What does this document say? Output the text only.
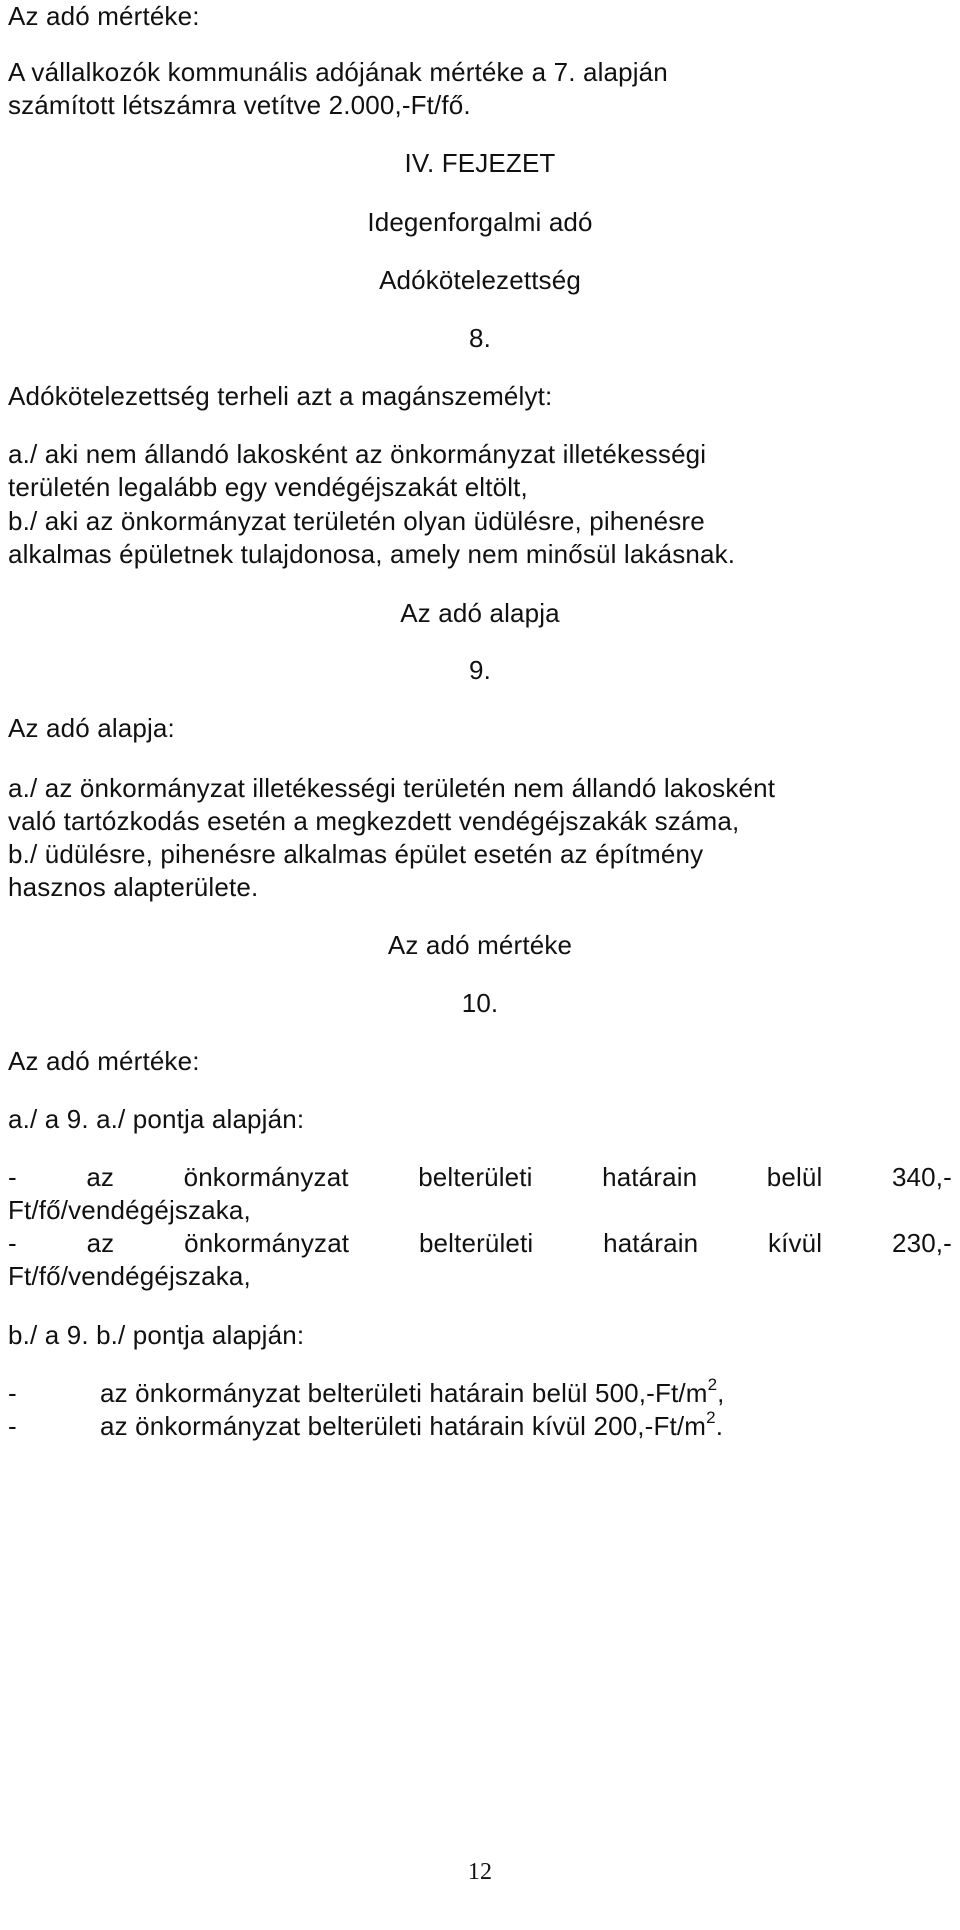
Az adó mértéke:
A vállalkozók kommunális adójának mértéke a 7. alapján
számított létszámra vetítve 2.000,-Ft/fő.
IV. FEJEZET
Idegenforgalmi adó
Adókötelezettség
8.
Adókötelezettség terheli azt a magánszemélyt:
a./ aki nem állandó lakosként az önkormányzat illetékességi
területén legalább egy vendégéjszakát eltölt,
b./ aki az önkormányzat területén olyan üdülésre, pihenésre
alkalmas épületnek tulajdonosa, amely nem minősül lakásnak.
Az adó alapja
9.
Az adó alapja:
a./ az önkormányzat illetékességi területén nem állandó lakosként
való tartózkodás esetén a megkezdett vendégéjszakák száma,
b./ üdülésre, pihenésre alkalmas épület esetén az építmény
hasznos alapterülete.
Az adó mértéke
10.
Az adó mértéke:
a./ a 9. a./ pontja alapján:
-	az	önkormányzat	belterületi	határain	belül	340,-
Ft/fő/vendégéjszaka,
-	az	önkormányzat	belterületi	határain	kívül	230,-
Ft/fő/vendégéjszaka,
b./ a 9. b./ pontja alapján:
-	az önkormányzat belterületi határain belül $500,-Ft/m^2$,
-	az önkormányzat belterületi határain kívül $200,-Ft/m^2$.
12
